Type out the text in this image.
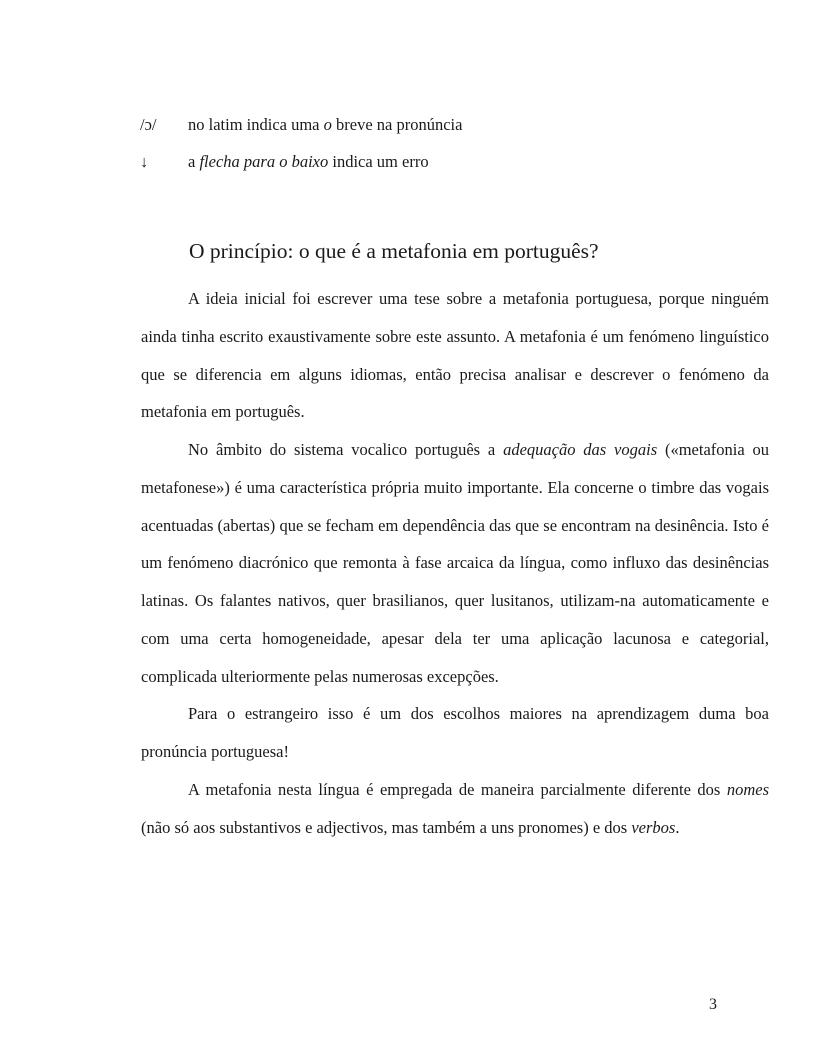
/ɔ/	no latim indica uma o breve na pronúncia
↓	a flecha para o baixo indica um erro
O princípio: o que é a metafonia em português?

A ideia inicial foi escrever uma tese sobre a metafonia portuguesa, porque ninguém ainda tinha escrito exaustivamente sobre este assunto. A metafonia é um fenómeno linguístico que se diferencia em alguns idiomas, então precisa analisar e descrever o fenómeno da metafonia em português.

No âmbito do sistema vocalico português a adequação das vogais («metafonia ou metafonese») é uma característica própria muito importante. Ela concerne o timbre das vogais acentuadas (abertas) que se fecham em dependência das que se encontram na desinência. Isto é um fenómeno diacrónico que remonta à fase arcaica da língua, como influxo das desinências latinas. Os falantes nativos, quer brasilianos, quer lusitanos, utilizam-na automaticamente e com uma certa homogeneidade, apesar dela ter uma aplicação lacunosa e categorial, complicada ulteriormente pelas numerosas excepções.

Para o estrangeiro isso é um dos escolhos maiores na aprendizagem duma boa pronúncia portuguesa!

A metafonia nesta língua é empregada de maneira parcialmente diferente dos nomes (não só aos substantivos e adjectivos, mas também a uns pronomes) e dos verbos.

3
